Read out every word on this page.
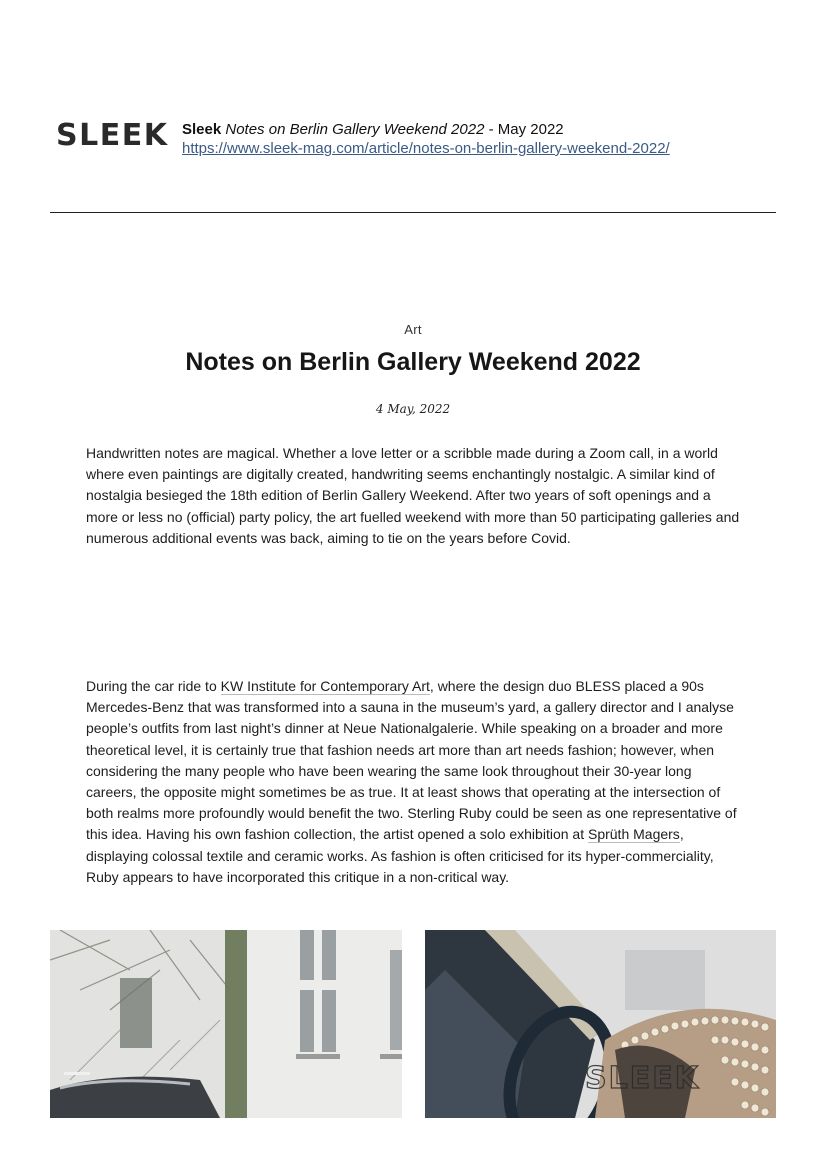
SLEEK Sleek Notes on Berlin Gallery Weekend 2022 - May 2022
https://www.sleek-mag.com/article/notes-on-berlin-gallery-weekend-2022/
Art
Notes on Berlin Gallery Weekend 2022
4 May, 2022

Handwritten notes are magical. Whether a love letter or a scribble made during a Zoom call, in a world where even paintings are digitally created, handwriting seems enchantingly nostalgic. A similar kind of nostalgia besieged the 18th edition of Berlin Gallery Weekend. After two years of soft openings and a more or less no (official) party policy, the art fuelled weekend with more than 50 participating galleries and numerous additional events was back, aiming to tie on the years before Covid.

During the car ride to KW Institute for Contemporary Art, where the design duo BLESS placed a 90s Mercedes-Benz that was transformed into a sauna in the museum’s yard, a gallery director and I analyse people’s outfits from last night’s dinner at Neue Nationalgalerie. While speaking on a broader and more theoretical level, it is certainly true that fashion needs art more than art needs fashion; however, when considering the many people who have been wearing the same look throughout their 30-year long careers, the opposite might sometimes be as true. It at least shows that operating at the intersection of both realms more profoundly would benefit the two. Sterling Ruby could be seen as one representative of this idea. Having his own fashion collection, the artist opened a solo exhibition at Sprüth Magers, displaying colossal textile and ceramic works. As fashion is often criticised for its hyper-commerciality, Ruby appears to have incorporated this critique in a non-critical way.

SLEEK
